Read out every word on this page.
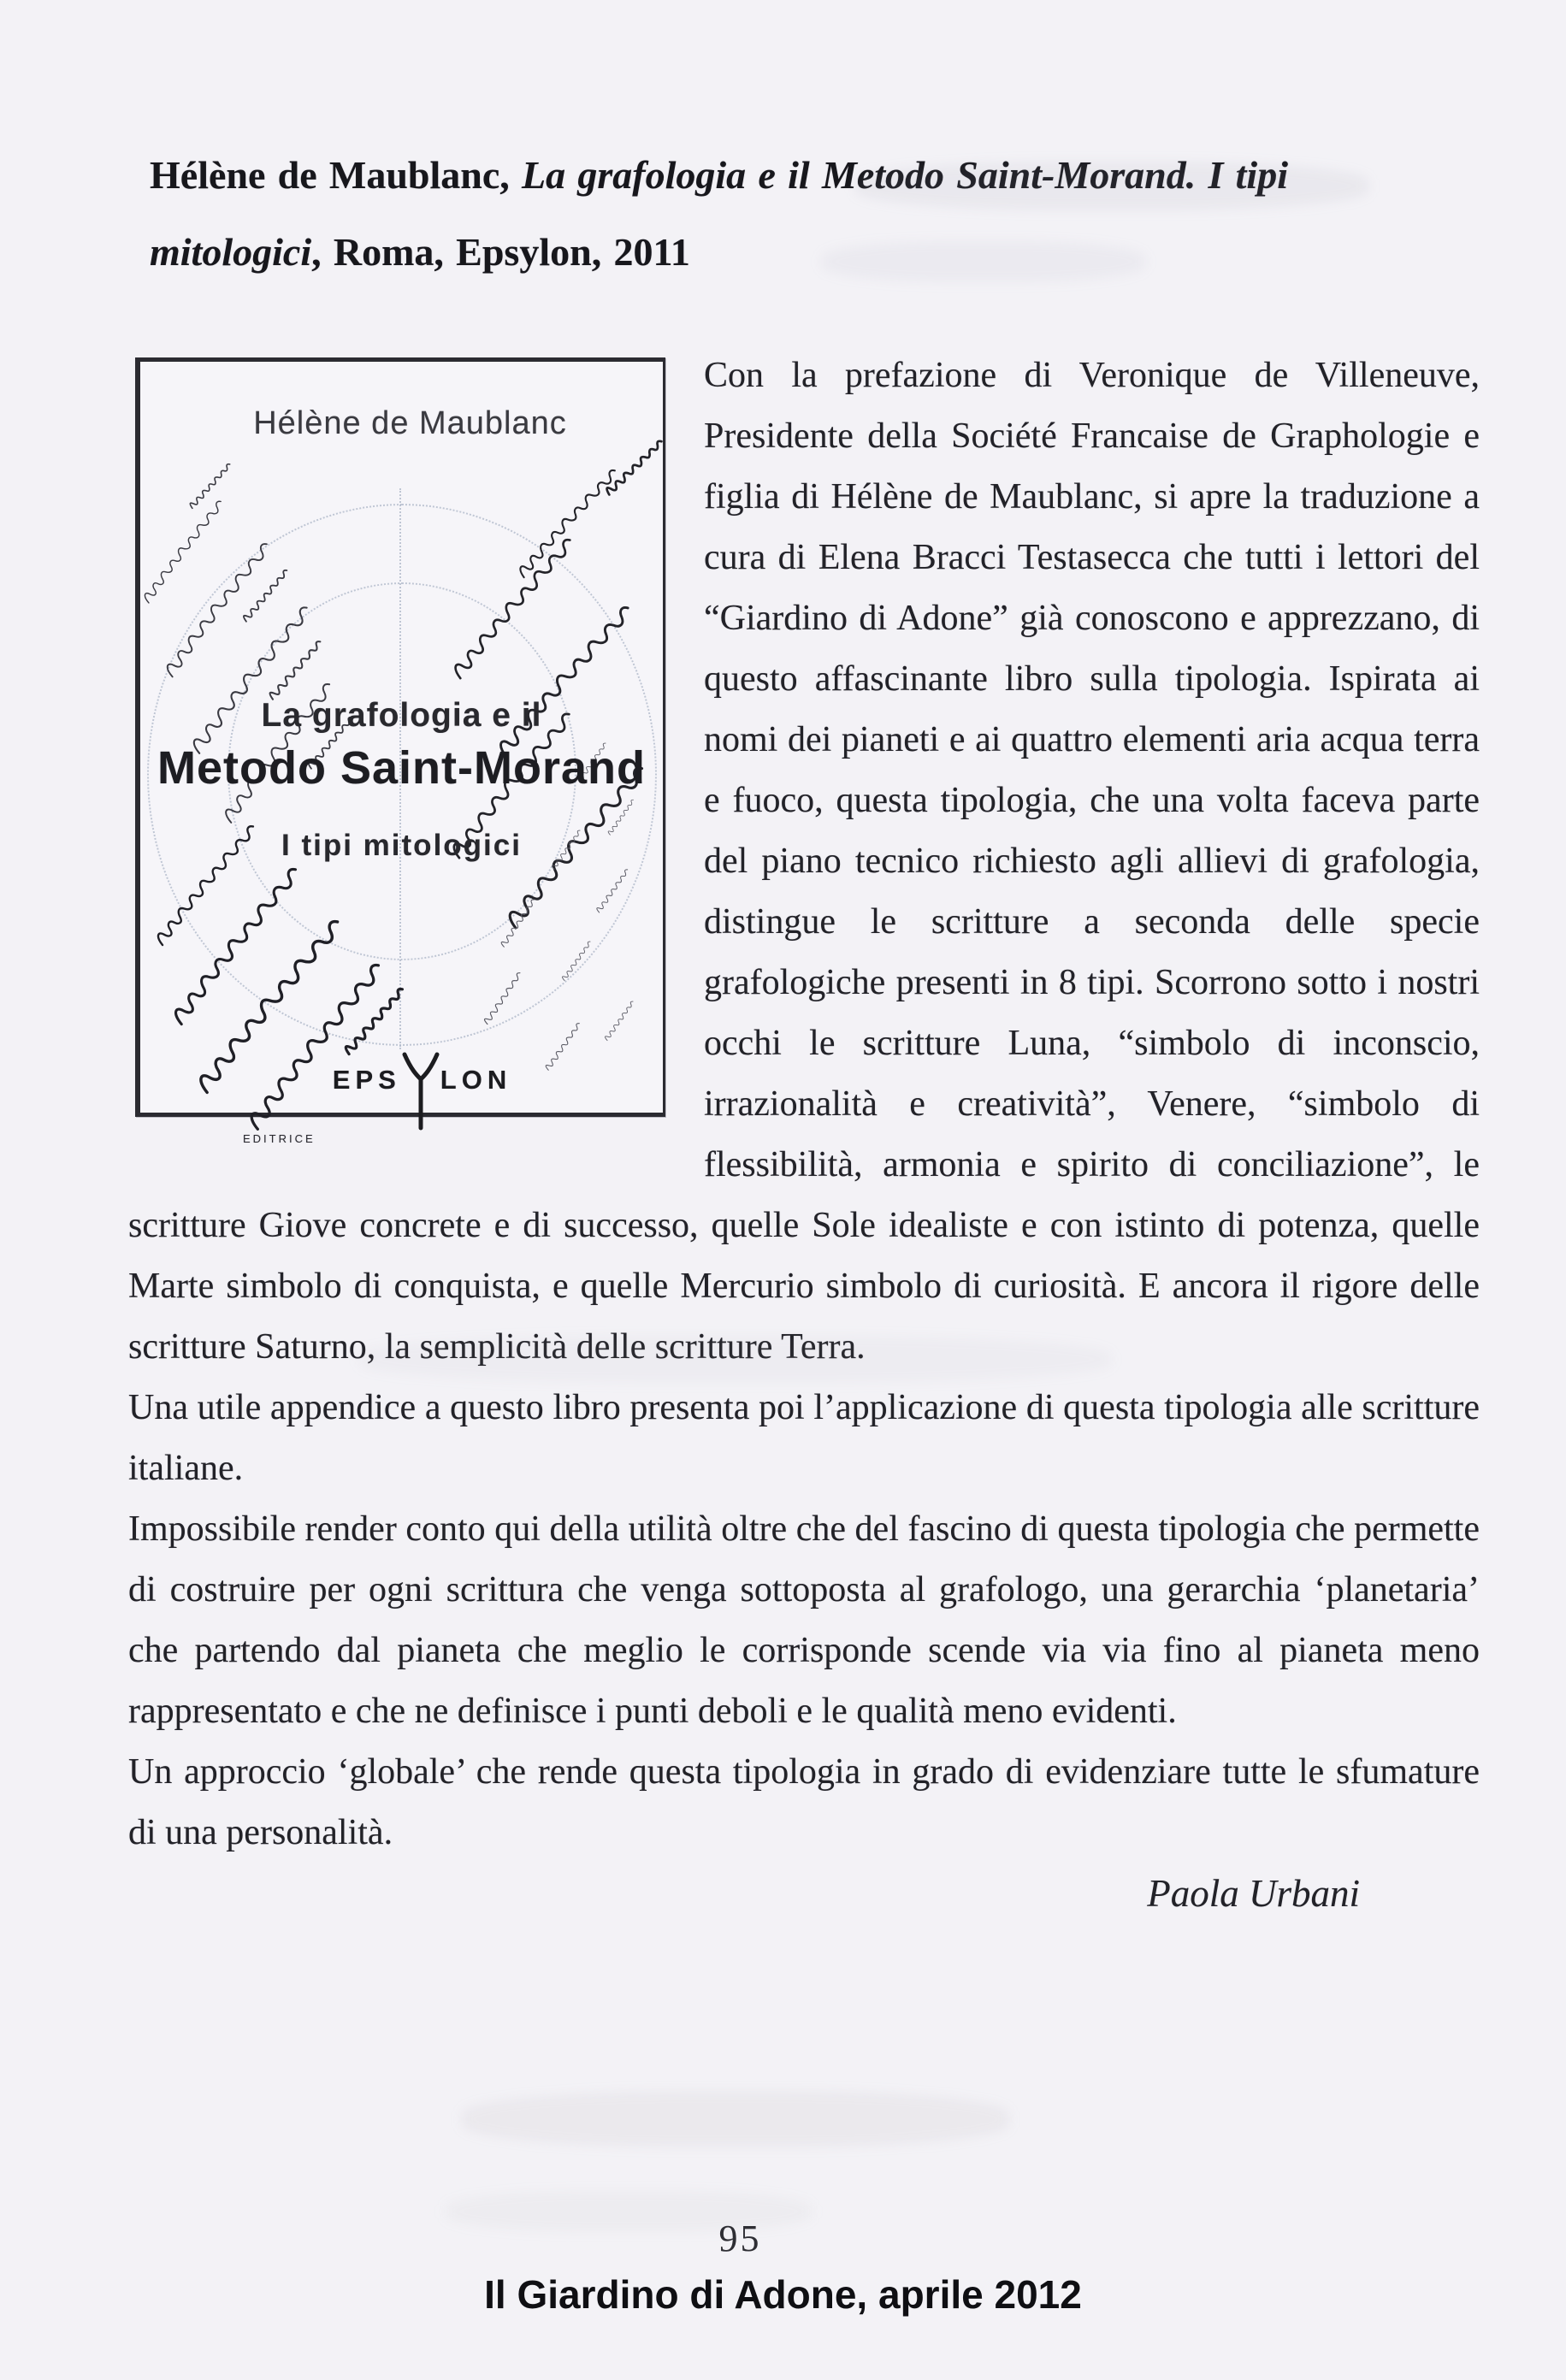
Hélène de Maublanc, La grafologia e il Metodo Saint-Morand. I tipi
mitologici, Roma, Epsylon, 2011
Hélène de Maublanc
La grafologia e il
Metodo Saint-Morand
I tipi mitologici
EPS LON
EDITRICE

Con la prefazione di Veronique de Villeneuve, Presidente della Société Francaise de Graphologie e figlia di Hélène de Maublanc, si apre la traduzione a cura di Elena Bracci Testasecca che tutti i lettori del “Giardino di Adone” già conoscono e apprezzano, di questo affascinante libro sulla tipologia. Ispirata ai nomi dei pianeti e ai quattro elementi aria acqua terra e fuoco, questa tipologia, che una volta faceva parte del piano tecnico richiesto agli allievi di grafologia, distingue le scritture a seconda delle specie grafologiche presenti in 8 tipi. Scorrono sotto i nostri occhi le scritture Luna, “simbolo di inconscio, irrazionalità e creatività”, Venere, “simbolo di flessibilità, armonia e spirito di conciliazione”, le scritture Giove concrete e di successo, quelle Sole idealiste e con istinto di potenza, quelle Marte simbolo di conquista, e quelle Mercurio simbolo di curiosità. E ancora il rigore delle scritture Saturno, la semplicità delle scritture Terra.

Una utile appendice a questo libro presenta poi l’applicazione di questa tipologia alle scritture italiane.

Impossibile render conto qui della utilità oltre che del fascino di questa tipologia che permette di costruire per ogni scrittura che venga sottoposta al grafologo, una gerarchia ‘planetaria’ che partendo dal pianeta che meglio le corrisponde scende via via fino al pianeta meno rappresentato e che ne definisce i punti deboli e le qualità meno evidenti.

Un approccio ‘globale’ che rende questa tipologia in grado di evidenziare tutte le sfumature di una personalità.

Paola Urbani
95
Il Giardino di Adone, aprile 2012
